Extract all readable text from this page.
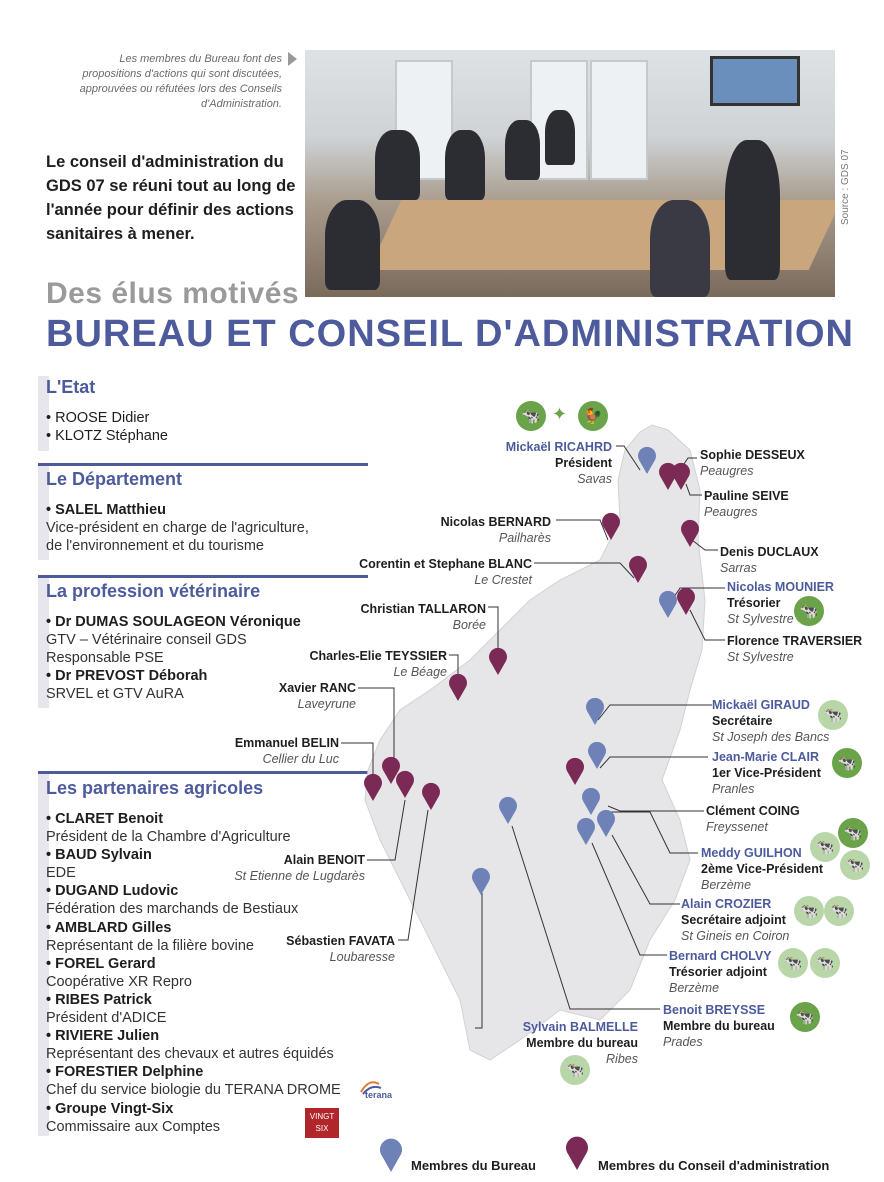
Les membres du Bureau font des propositions d'actions qui sont discutées, approuvées ou réfutées lors des Conseils d'Administration.
Le conseil d'administration du GDS 07 se réuni tout au long de l'année pour définir des actions sanitaires à mener.
Source : GDS 07
Des élus motivés
BUREAU ET CONSEIL D'ADMINISTRATION
L'Etat
• ROOSE Didier
• KLOTZ Stéphane
Le Département
• SALEL Matthieu
Vice-président en charge de l'agriculture,
de l'environnement et du tourisme
La profession vétérinaire
• Dr DUMAS SOULAGEON Véronique
GTV – Vétérinaire conseil GDS
Responsable PSE
• Dr PREVOST Déborah
SRVEL et GTV AuRA
Les partenaires agricoles
• CLARET Benoit
Président de la Chambre d'Agriculture
• BAUD Sylvain
EDE
• DUGAND Ludovic
Fédération des marchands de Bestiaux
• AMBLARD Gilles
Représentant de la filière bovine
• FOREL Gerard
Coopérative XR Repro
• RIBES Patrick
Président d'ADICE
• RIVIERE Julien
Représentant des chevaux et autres équidés
• FORESTIER Delphine
Chef du service biologie du TERANA DROME
• Groupe Vingt-Six
Commissaire aux Comptes
terana
VINGT SIX
Mickaël RICAHRD
Président
Savas
Sophie DESSEUX
Peaugres
Pauline SEIVE
Peaugres
Nicolas BERNARD
Pailharès
Denis DUCLAUX
Sarras
Corentin et Stephane BLANC
Le Crestet	Nicolas MOUNIER
Trésorier
St Sylvestre
Christian TALLARON
Borée
Florence TRAVERSIER
St Sylvestre
Charles-Elie TEYSSIER
Le Béage
Xavier RANC
Laveyrune	Mickaël GIRAUD
Secrétaire
St Joseph des Bancs
Emmanuel BELIN
Cellier du Luc	Jean-Marie CLAIR
1er Vice-Président
Pranles
Clément COING
Freyssenet
Meddy GUILHON
2ème Vice-Président
Berzème
Alain BENOIT
St Etienne de Lugdarès
Alain CROZIER
Secrétaire adjoint
St Gineis en Coiron
Sébastien FAVATA
Loubaresse	Bernard CHOLVY
Trésorier adjoint
Berzème
Benoit BREYSSE
Membre du bureau
Prades
Sylvain BALMELLE
Membre du bureau
Ribes
🐄 ✦	🐓
🐄
🐄
🐄
🐄
🐄
🐄
🐄 🐄
🐄 🐄
🐄
🐄
Membres du Bureau	Membres du Conseil d'administration
